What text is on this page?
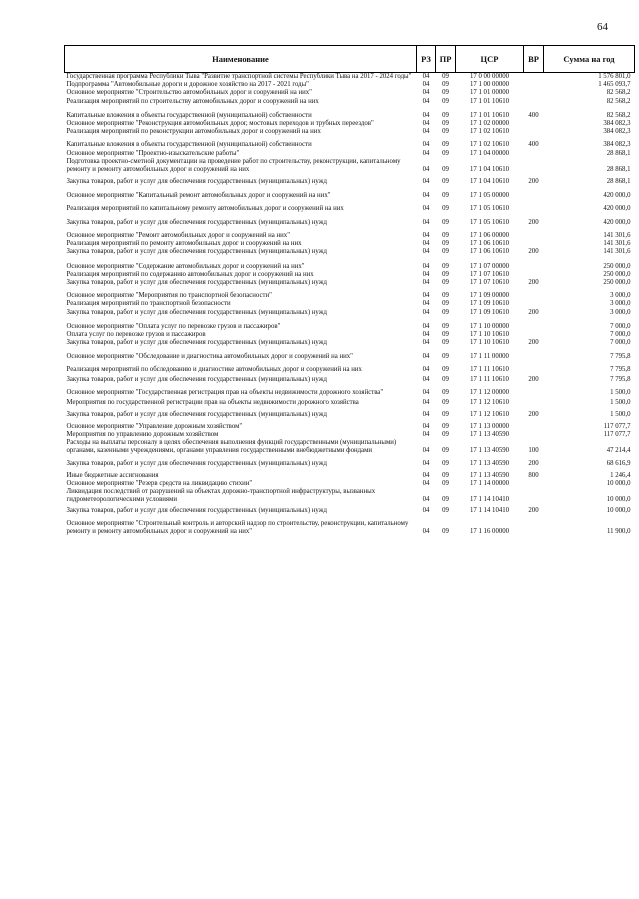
64
Наименование	РЗ	ПР	ЦСР	ВР	Сумма на год
Государственная программа Республики Тыва "Развитие транспортной системы Республики Тыва на 2017 - 2024 годы"	04	09	17 0 00 00000		1 576 801,0
Подпрограмма "Автомобильные дороги и дорожное хозяйство на 2017 - 2021 годы"	04	09	17 1 00 00000		1 465 093,7
Основное мероприятие "Строительство автомобильных дорог и сооружений на них"	04	09	17 1 01 00000		82 568,2
Реализация мероприятий по строительству автомобильных дорог и сооружений на них	04	09	17 1 01 10610		82 568,2
Капитальные вложения в объекты государственной (муниципальной) собственности	04	09	17 1 01 10610	400	82 568,2
Основное мероприятие "Реконструкция автомобильных дорог, мостовых переходов и трубных переездов"	04	09	17 1 02 00000		384 082,3
Реализация мероприятий по реконструкции автомобильных дорог и сооружений на них	04	09	17 1 02 10610		384 082,3
Капитальные вложения в объекты государственной (муниципальной) собственности	04	09	17 1 02 10610	400	384 082,3
Основное мероприятие "Проектно-изыскательские работы"	04	09	17 1 04 00000		28 868,1
Подготовка проектно-сметной документации на проведение работ по строительству, реконструкции, капитальному ремонту и ремонту автомобильных дорог и сооружений на них	04	09	17 1 04 10610		28 868,1
Закупка товаров, работ и услуг для обеспечения государственных (муниципальных) нужд	04	09	17 1 04 10610	200	28 868,1
Основное мероприятие "Капитальный ремонт автомобильных дорог и сооружений на них"	04	09	17 1 05 00000		420 000,0
Реализация мероприятий по капитальному ремонту автомобильных дорог и сооружений на них	04	09	17 1 05 10610		420 000,0
Закупка товаров, работ и услуг для обеспечения государственных (муниципальных) нужд	04	09	17 1 05 10610	200	420 000,0
Основное мероприятие "Ремонт автомобильных дорог и сооружений на них"	04	09	17 1 06 00000		141 301,6
Реализация мероприятий по ремонту автомобильных дорог и сооружений на них	04	09	17 1 06 10610		141 301,6
Закупка товаров, работ и услуг для обеспечения государственных (муниципальных) нужд	04	09	17 1 06 10610	200	141 301,6
Основное мероприятие "Содержание автомобильных дорог и сооружений на них"	04	09	17 1 07 00000		250 000,0
Реализация мероприятий по содержанию автомобильных дорог и сооружений на них	04	09	17 1 07 10610		250 000,0
Закупка товаров, работ и услуг для обеспечения государственных (муниципальных) нужд	04	09	17 1 07 10610	200	250 000,0
Основное мероприятие "Мероприятия по транспортной безопасности"	04	09	17 1 09 00000		3 000,0
Реализация мероприятий по транспортной безопасности	04	09	17 1 09 10610		3 000,0
Закупка товаров, работ и услуг для обеспечения государственных (муниципальных) нужд	04	09	17 1 09 10610	200	3 000,0
Основное мероприятие "Оплата услуг по перевозке грузов и пассажиров"	04	09	17 1 10 00000		7 000,0
Оплата услуг по перевозке грузов и пассажиров	04	09	17 1 10 10610		7 000,0
Закупка товаров, работ и услуг для обеспечения государственных (муниципальных) нужд	04	09	17 1 10 10610	200	7 000,0
Основное мероприятие "Обследование и диагностика автомобильных дорог и сооружений на них"	04	09	17 1 11 00000		7 795,8
Реализация мероприятий по обследованию и диагностике автомобильных дорог и сооружений на них	04	09	17 1 11 10610		7 795,8
Закупка товаров, работ и услуг для обеспечения государственных (муниципальных) нужд	04	09	17 1 11 10610	200	7 795,8
Основное мероприятие "Государственная регистрация прав на объекты недвижимости дорожного хозяйства"	04	09	17 1 12 00000		1 500,0
Мероприятия по государственной регистрации прав на объекты недвижимости дорожного хозяйства	04	09	17 1 12 10610		1 500,0
Закупка товаров, работ и услуг для обеспечения государственных (муниципальных) нужд	04	09	17 1 12 10610	200	1 500,0
Основное мероприятие "Управление дорожным хозяйством"	04	09	17 1 13 00000		117 077,7
Мероприятия по управлению дорожным хозяйством	04	09	17 1 13 40590		117 077,7
Расходы на выплаты персоналу в целях обеспечения выполнения функций государственными (муниципальными) органами, казенными учреждениями, органами управления государственными внебюджетными фондами	04	09	17 1 13 40590	100	47 214,4
Закупка товаров, работ и услуг для обеспечения государственных (муниципальных) нужд	04	09	17 1 13 40590	200	68 616,9
Иные бюджетные ассигнования	04	09	17 1 13 40590	800	1 246,4
Основное мероприятие "Резерв средств на ликвидацию стихии"	04	09	17 1 14 00000		10 000,0
Ликвидация последствий от разрушений на объектах дорожно-транспортной инфраструктуры, вызванных гидрометеорологическими условиями	04	09	17 1 14 10410		10 000,0
Закупка товаров, работ и услуг для обеспечения государственных (муниципальных) нужд	04	09	17 1 14 10410	200	10 000,0
Основное мероприятие "Строительный контроль и авторский надзор по строительству, реконструкции, капитальному ремонту и ремонту автомобильных дорог и сооружений на них"	04	09	17 1 16 00000		11 900,0
